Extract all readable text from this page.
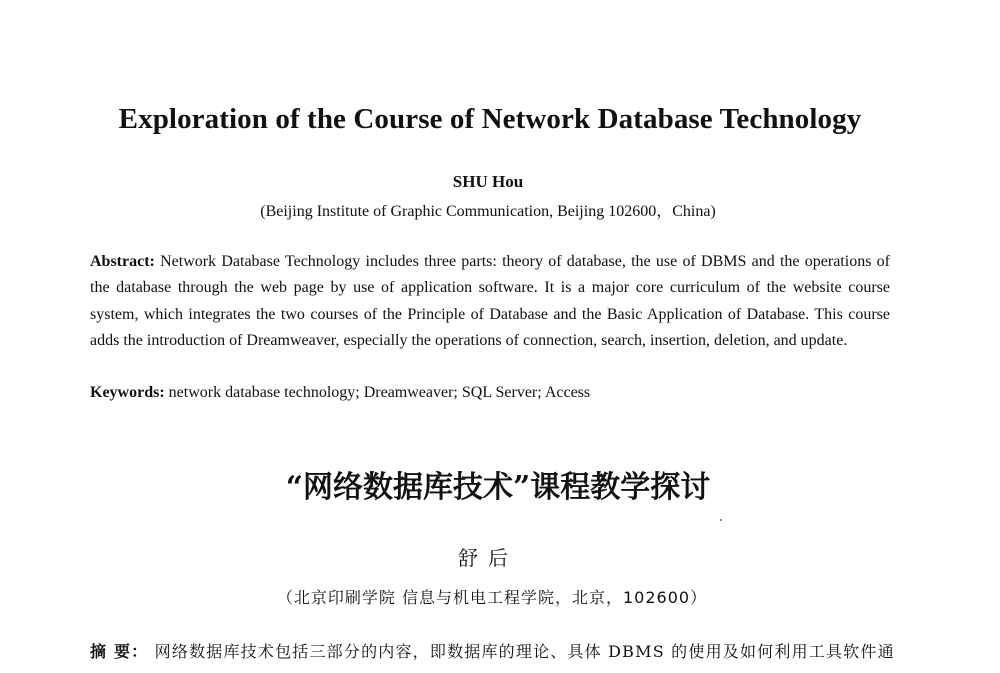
Exploration of the Course of Network Database Technology
SHU Hou
(Beijing Institute of Graphic Communication, Beijing 102600，China)

Abstract: Network Database Technology includes three parts: theory of database, the use of DBMS and the operations of the database through the web page by use of application software. It is a major core curriculum of the website course system, which integrates the two courses of the Principle of Database and the Basic Application of Database. This course adds the introduction of Dreamweaver, especially the operations of connection, search, insertion, deletion, and update.

Keywords: network database technology; Dreamweaver; SQL Server; Access

“网络数据库技术”课程教学探讨
舒后
（北京印刷学院 信息与机电工程学院，北京，102600）

摘 要： 网络数据库技术包括三部分的内容，即数据库的理论、具体 DBMS 的使用及如何利用工具软件通
